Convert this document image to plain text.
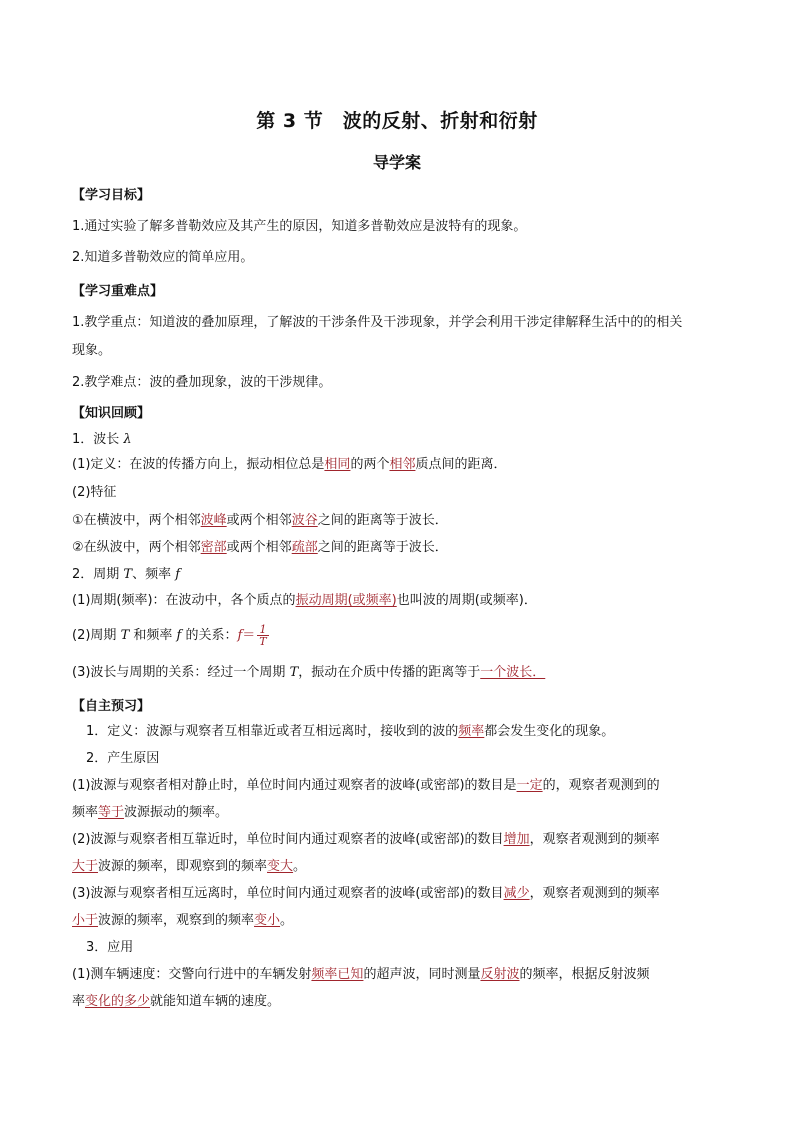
第 3 节　波的反射、折射和衍射
导学案
【学习目标】
1.通过实验了解多普勒效应及其产生的原因，知道多普勒效应是波特有的现象。
2.知道多普勒效应的简单应用。
【学习重难点】
1.教学重点：知道波的叠加原理，了解波的干涉条件及干涉现象，并学会利用干涉定律解释生活中的的相关
现象。
2.教学难点：波的叠加现象，波的干涉规律。
【知识回顾】
1．波长 λ
(1)定义：在波的传播方向上，振动相位总是相同的两个相邻质点间的距离．
(2)特征
①在横波中，两个相邻波峰或两个相邻波谷之间的距离等于波长．
②在纵波中，两个相邻密部或两个相邻疏部之间的距离等于波长．
2．周期 T、频率 f
(1)周期(频率)：在波动中，各个质点的振动周期(或频率)也叫波的周期(或频率)．
(2)周期 T 和频率 f 的关系：$f= \frac{1}{T}$
(3)波长与周期的关系：经过一个周期 T，振动在介质中传播的距离等于一个波长．
【自主预习】
1．定义：波源与观察者互相靠近或者互相远离时，接收到的波的频率都会发生变化的现象。
2．产生原因
(1)波源与观察者相对静止时，单位时间内通过观察者的波峰(或密部)的数目是一定的，观察者观测到的
频率等于波源振动的频率。
(2)波源与观察者相互靠近时，单位时间内通过观察者的波峰(或密部)的数目增加，观察者观测到的频率
大于波源的频率，即观察到的频率变大。
(3)波源与观察者相互远离时，单位时间内通过观察者的波峰(或密部)的数目减少，观察者观测到的频率
小于波源的频率，观察到的频率变小。
3．应用
(1)测车辆速度：交警向行进中的车辆发射频率已知的超声波，同时测量反射波的频率，根据反射波频
率变化的多少就能知道车辆的速度。
